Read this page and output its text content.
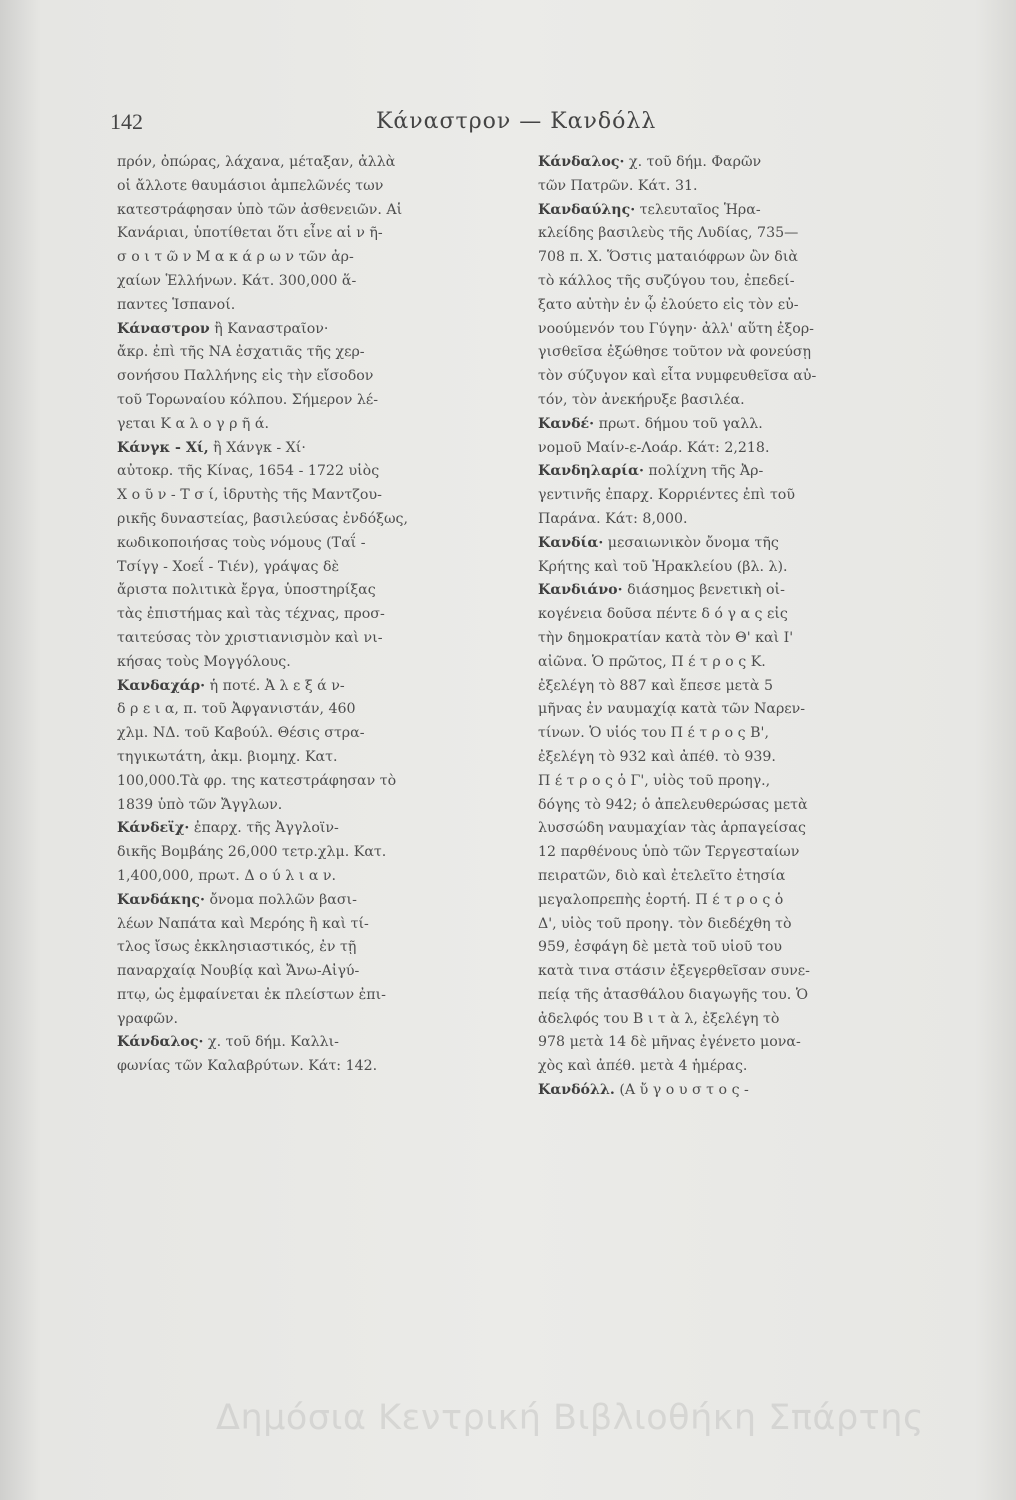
142	Κάναστρον — Κανδόλλ
πρόν, ὀπώρας, λάχανα, μέταξαν, ἀλλὰ
οἱ ἄλλοτε θαυμάσιοι ἀμπελῶνές των
κατεστράφησαν ὑπὸ τῶν ἀσθενειῶν. Αἱ
Κανάριαι, ὑποτίθεται ὅτι εἶνε αἱ ν ῆ-
σ ο ι τ ῶ ν Μ α κ ά ρ ω ν τῶν ἀρ-
χαίων Ἑλλήνων. Κάτ. 300,000 ἅ-
παντες Ἱσπανοί.
Κάναστρον ἢ Καναστραῖον·
ἄκρ. ἐπὶ τῆς ΝΑ ἐσχατιᾶς τῆς χερ-
σονήσου Παλλήνης εἰς τὴν εἴσοδον
τοῦ Τορωναίου κόλπου. Σήμερον λέ-
γεται Κ α λ ο γ ρ ῆ ά.
Κάνγκ - Χί, ἢ Χάνγκ - Χί·
αὐτοκρ. τῆς Κίνας, 1654 - 1722 υἱὸς
Χ ο ῦ ν - Τ σ ί, ἱδρυτὴς τῆς Μαντζου-
ρικῆς δυναστείας, βασιλεύσας ἐνδόξως,
κωδικοποιήσας τοὺς νόμους (Ταΐ -
Τσίγγ - Χοεΐ - Τιέν), γράψας δὲ
ἄριστα πολιτικὰ ἔργα, ὑποστηρίξας
τὰς ἐπιστήμας καὶ τὰς τέχνας, προσ-
ταιτεύσας τὸν χριστιανισμὸν καὶ νι-
κήσας τοὺς Μογγόλους.
Κανδαχάρ· ἡ ποτέ. Ἀ λ ε ξ ά ν-
δ ρ ε ι α, π. τοῦ Ἀφγανιστάν, 460
χλμ. ΝΔ. τοῦ Καβούλ. Θέσις στρα-
τηγικωτάτη, ἀκμ. βιομηχ. Κατ.
100,000.Τὰ φρ. της κατεστράφησαν τὸ
1839 ὑπὸ τῶν Ἄγγλων.
Κάνδεϊχ· ἐπαρχ. τῆς Ἀγγλοϊν-
δικῆς Βομβάης 26,000 τετρ.χλμ. Κατ.
1,400,000, πρωτ. Δ ο ύ λ ι α ν.
Κανδάκης· ὄνομα πολλῶν βασι-
λέων Ναπάτα καὶ Μερόης ἢ καὶ τί-
τλος ἴσως ἐκκλησιαστικός, ἐν τῇ
παναρχαίᾳ Νουβίᾳ καὶ Ἄνω-Αἰγύ-
πτῳ, ὡς ἐμφαίνεται ἐκ πλείστων ἐπι-
γραφῶν.
Κάνδαλος· χ. τοῦ δήμ. Καλλι-
φωνίας τῶν Καλαβρύτων. Κάτ: 142.
Κάνδαλος· χ. τοῦ δήμ. Φαρῶν
τῶν Πατρῶν. Κάτ. 31.
Κανδαύλης· τελευταῖος Ἡρα-
κλείδης βασιλεὺς τῆς Λυδίας, 735—
708 π. Χ. Ὅστις ματαιόφρων ὢν διὰ
τὸ κάλλος τῆς συζύγου του, ἐπεδεί-
ξατο αὐτὴν ἐν ᾧ ἐλούετο εἰς τὸν εὐ-
νοούμενόν του Γύγην· ἀλλ' αὕτη ἐξορ-
γισθεῖσα ἐξώθησε τοῦτον νὰ φονεύσῃ
τὸν σύζυγον καὶ εἶτα νυμφευθεῖσα αὐ-
τόν, τὸν ἀνεκήρυξε βασιλέα.
Κανδέ· πρωτ. δήμου τοῦ γαλλ.
νομοῦ Μαίν-ε-Λοάρ. Κάτ: 2,218.
Κανδηλαρία· πολίχνη τῆς Ἀρ-
γεντινῆς ἐπαρχ. Κορριέντες ἐπὶ τοῦ
Παράνα. Κάτ: 8,000.
Κανδία· μεσαιωνικὸν ὄνομα τῆς
Κρήτης καὶ τοῦ Ἡρακλείου (βλ. λ).
Κανδιάνο· διάσημος βενετικὴ οἰ-
κογένεια δοῦσα πέντε δ ό γ α ς εἰς
τὴν δημοκρατίαν κατὰ τὸν Θ' καὶ Ι'
αἰῶνα. Ὁ πρῶτος, Π έ τ ρ ο ς Κ.
ἐξελέγη τὸ 887 καὶ ἔπεσε μετὰ 5
μῆνας ἐν ναυμαχίᾳ κατὰ τῶν Ναρεν-
τίνων. Ὁ υἱός του Π έ τ ρ ο ς Β',
ἐξελέγη τὸ 932 καὶ ἀπέθ. τὸ 939.
Π έ τ ρ ο ς ὁ Γ', υἱὸς τοῦ προηγ.,
δόγης τὸ 942; ὁ ἀπελευθερώσας μετὰ
λυσσώδη ναυμαχίαν τὰς ἁρπαγείσας
12 παρθένους ὑπὸ τῶν Τεργεσταίων
πειρατῶν, διὸ καὶ ἐτελεῖτο ἐτησία
μεγαλοπρεπὴς ἑορτή. Π έ τ ρ ο ς ὁ
Δ', υἱὸς τοῦ προηγ. τὸν διεδέχθη τὸ
959, ἐσφάγη δὲ μετὰ τοῦ υἱοῦ του
κατὰ τινα στάσιν ἐξεγερθεῖσαν συνε-
πείᾳ τῆς ἀτασθάλου διαγωγῆς του. Ὁ
ἀδελφός του Β ι τ ὰ λ, ἐξελέγη τὸ
978 μετὰ 14 δὲ μῆνας ἐγένετο μονα-
χὸς καὶ ἀπέθ. μετὰ 4 ἡμέρας.
Κανδόλλ. (Α ὔ γ ο υ σ τ ο ς -
Δημόσια Κεντρική Βιβλιοθήκη Σπάρτης
